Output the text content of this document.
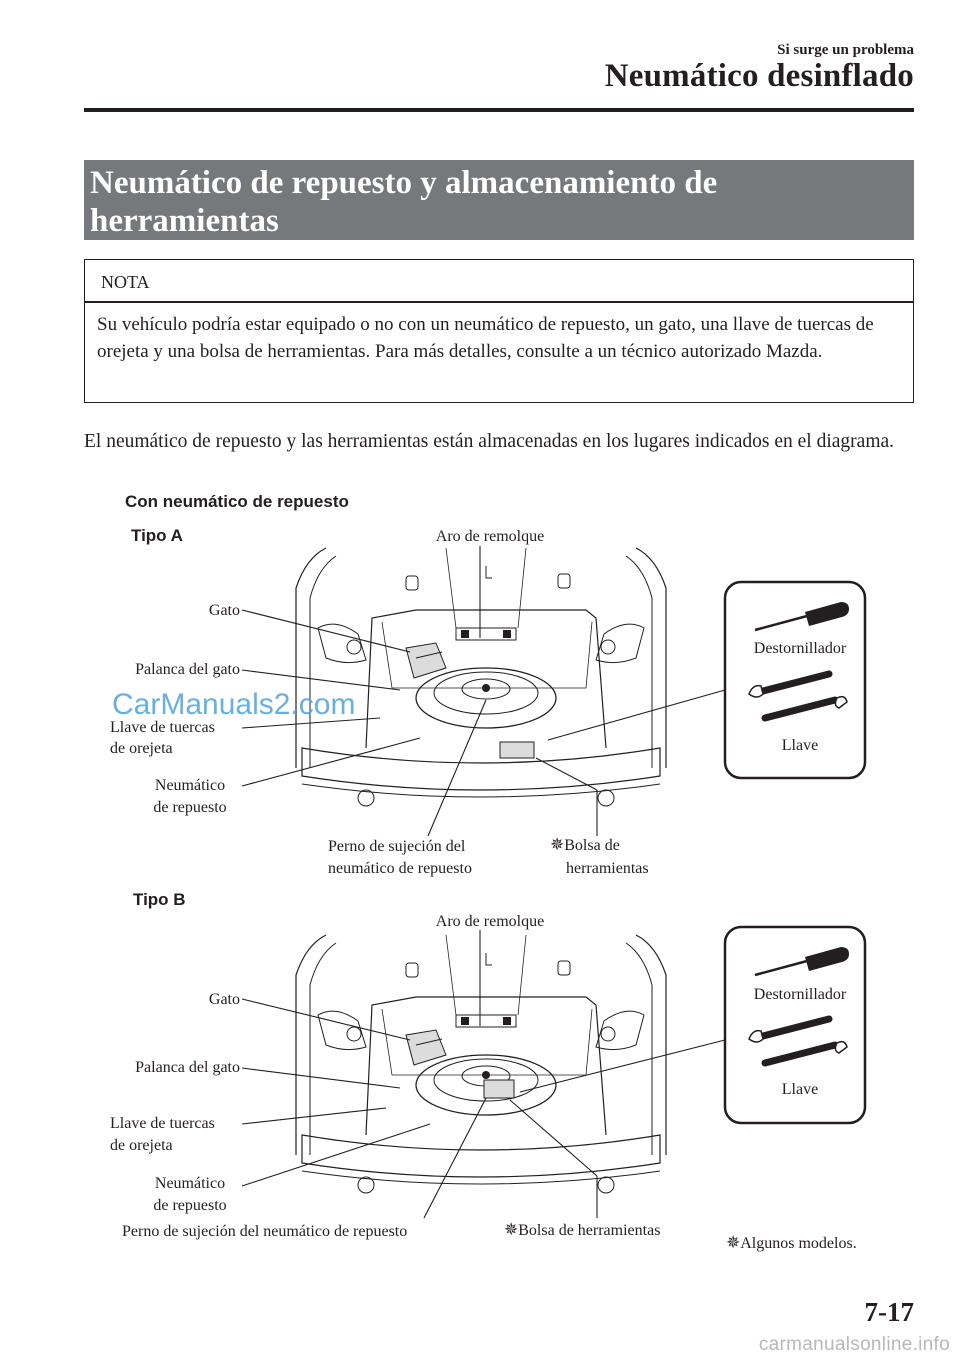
Si surge un problema
Neumático desinflado
Neumático de repuesto y almacenamiento de herramientas
NOTA
Su vehículo podría estar equipado o no con un neumático de repuesto, un gato, una llave de tuercas de orejeta y una bolsa de herramientas. Para más detalles, consulte a un técnico autorizado Mazda.
El neumático de repuesto y las herramientas están almacenadas en los lugares indicados en el diagrama.
Con neumático de repuesto
Tipo A
Tipo B
Aro de remolque
Gato
Palanca del gato
Llave de tuercas
de orejeta
Neumático
de repuesto
Perno de sujeción del
neumático de repuesto
✵Bolsa de
herramientas
Destornillador
Llave
Aro de remolque
Gato
Palanca del gato
Llave de tuercas
de orejeta
Neumático
de repuesto
Perno de sujeción del neumático de repuesto	✵Bolsa de herramientas
Destornillador
Llave
✵Algunos modelos.
7-17
CarManuals2.com
carmanualsonline.info
